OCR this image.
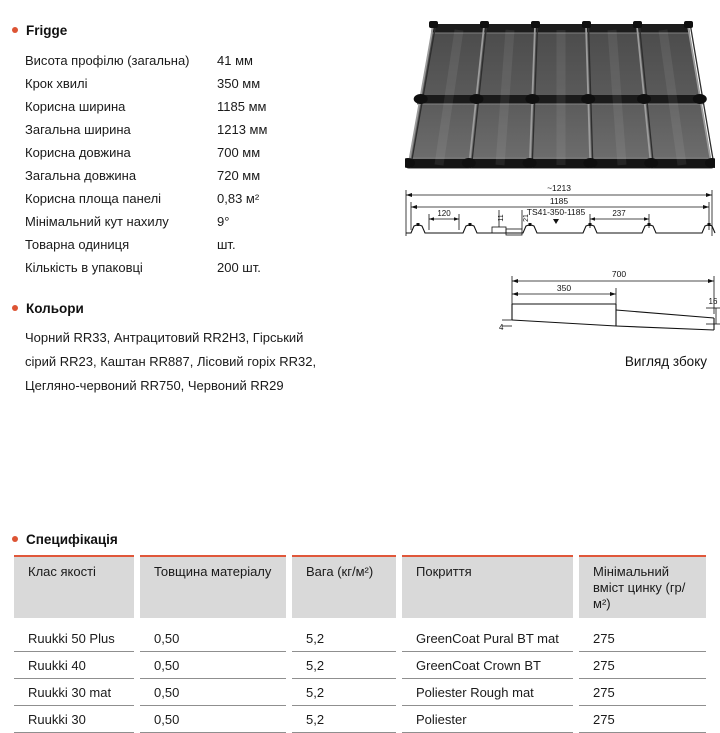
Frigge
Висота профілю (загальна)	41 мм
Крок хвилі	350 мм
Корисна ширина	1185 мм
Загальна ширина	1213 мм
Корисна довжина	700 мм
Загальна довжина	720 мм
Корисна площа панелі	0,83 м²
Мінімальний кут нахилу	9°
Товарна одиниця	шт.
Кількість в упаковці	200 шт.
~1213
1185
120	11	21
TS41-350-1185	237
700
350
16
4
Вигляд збоку
Кольори
Чорний RR33, Антрацитовий RR2H3, Гірський
сірий RR23, Каштан RR887, Лісовий горіх RR32,
Цегляно-червоний RR750, Червоний RR29
Специфікація
Клас якості	Товщина матеріалу	Вага (кг/м²)	Покриття	Мінімальний вміст цинку (гр/м²)
Ruukki 50 Plus	0,50	5,2	GreenCoat Pural BT mat	275
Ruukki 40	0,50	5,2	GreenCoat Crown BT	275
Ruukki 30 mat	0,50	5,2	Poliester Rough mat	275
Ruukki 30	0,50	5,2	Poliester	275
